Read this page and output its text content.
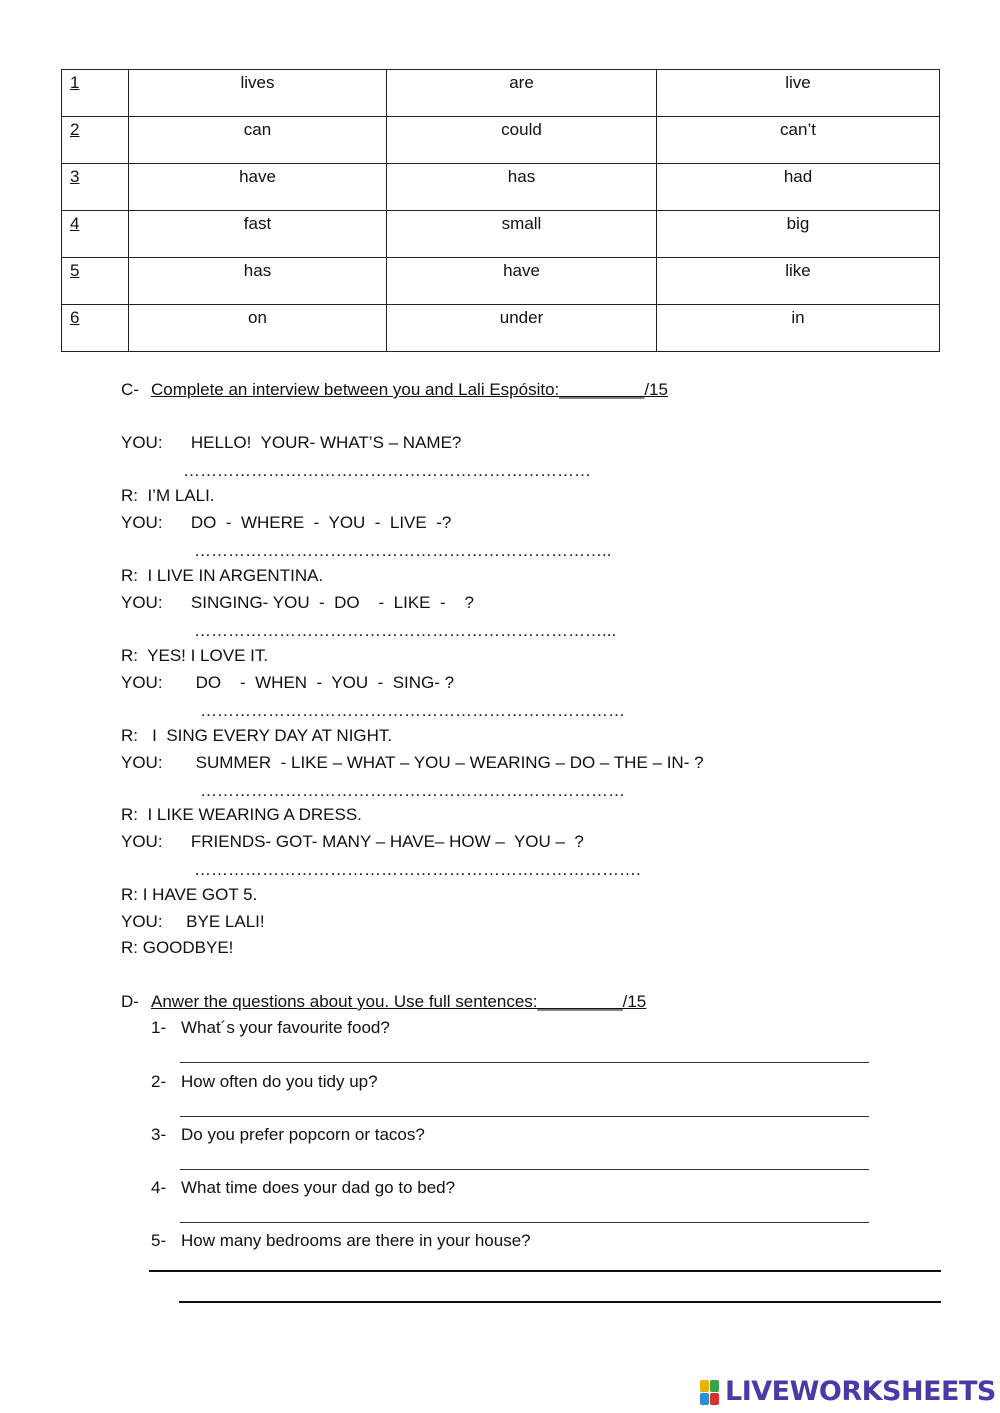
1	lives	are	live
2	can	could	can’t
3	have	has	had
4	fast	small	big
5	has	have	like
6	on	under	in
C- Complete an interview between you and Lali Espósito:_________/15
YOU:      HELLO!  YOUR- WHAT’S – NAME?
………………………………………………………………
R:  I’M LALI.
YOU:      DO  -  WHERE  -  YOU  -  LIVE  -?
………………………………………………………………..
R:  I LIVE IN ARGENTINA.
YOU:      SINGING- YOU  -  DO    -  LIKE  -    ?
………………………………………………………………...
R:  YES! I LOVE IT.
YOU:       DO    -  WHEN  -  YOU  -  SING- ?
…………………………………………………………………
R:   I  SING EVERY DAY AT NIGHT.
YOU:       SUMMER  - LIKE – WHAT – YOU – WEARING – DO – THE – IN- ?
…………………………………………………………………
R:  I LIKE WEARING A DRESS.
YOU:      FRIENDS- GOT- MANY – HAVE– HOW –  YOU –  ?
…………………………………………………………………….
R: I HAVE GOT 5.
YOU:     BYE LALI!
R: GOODBYE!
D- Anwer the questions about you. Use full sentences:_________/15
1- What´s your favourite food?
2- How often do you tidy up?
3- Do you prefer popcorn or tacos?
4- What time does your dad go to bed?
5- How many bedrooms are there in your house?
LIVEWORKSHEETS
